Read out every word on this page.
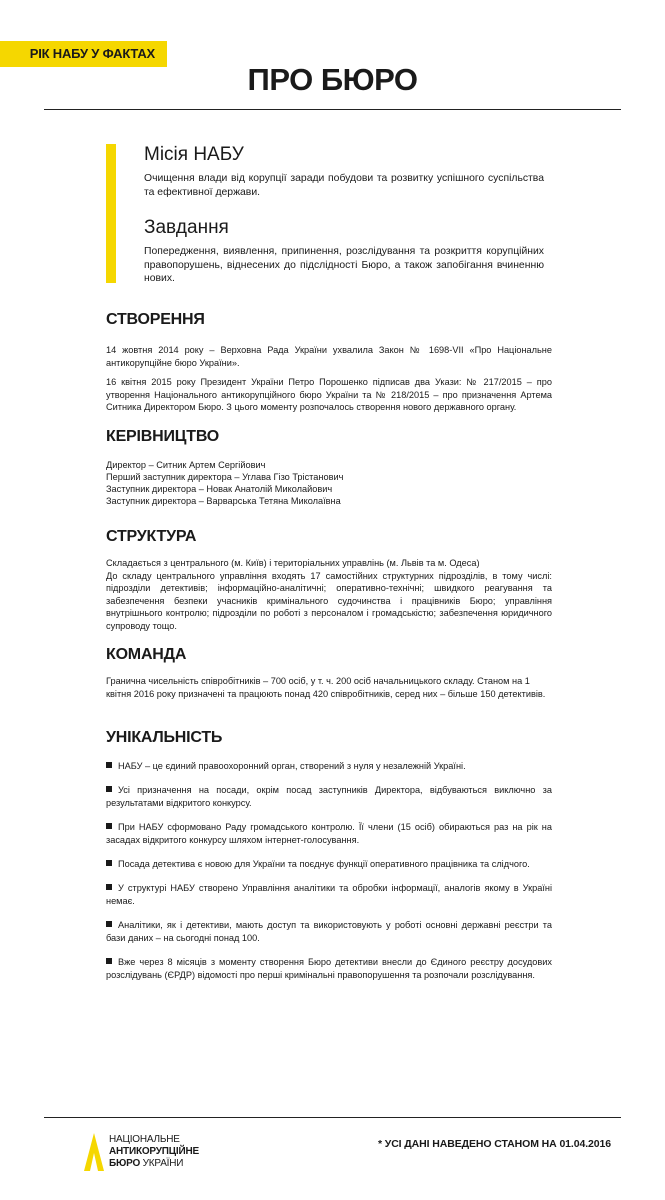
РІК НАБУ У ФАКТАХ
ПРО БЮРО

Місія НАБУ

Очищення влади від корупції заради побудови та розвитку успішного суспільства та ефективної держави.

Завдання

Попередження, виявлення, припинення, розслідування та розкриття корупційних правопорушень, віднесених до підслідності Бюро, а також запобігання вчиненню нових.

СТВОРЕННЯ

14 жовтня 2014 року – Верховна Рада України ухвалила Закон № 1698-VII «Про Національне антикорупційне бюро України».

16 квітня 2015 року Президент України Петро Порошенко підписав два Укази: № 217/2015 – про утворення Національного антикорупційного бюро України та № 218/2015 – про призначення Артема Ситника Директором Бюро. З цього моменту розпочалось створення нового державного органу.

КЕРІВНИЦТВО

Директор – Ситник Артем Сергійович

Перший заступник директора – Углава Гізо Трістанович

Заступник директора – Новак Анатолій Миколайович

Заступник директора – Варварська Тетяна Миколаївна

СТРУКТУРА

Складається з центрального (м. Київ) і територіальних управлінь (м. Львів та м. Одеса)

До складу центрального управління входять 17 самостійних структурних підрозділів, в тому числі: підрозділи детективів; інформаційно-аналітичні; оперативно-технічні; швидкого реагування та забезпечення безпеки учасників кримінального судочинства і працівників Бюро; управління внутрішнього контролю; підрозділи по роботі з персоналом і громадськістю; забезпечення юридичного супроводу тощо.

КОМАНДА

Гранична чисельність співробітників – 700 осіб, у т. ч. 200 осіб начальницького складу. Станом на 1 квітня 2016 року призначені та працюють понад 420 співробітників, серед них – більше 150 детективів.

УНІКАЛЬНІСТЬ

НАБУ – це єдиний правоохоронний орган, створений з нуля у незалежній Україні.

Усі призначення на посади, окрім посад заступників Директора, відбуваються виключно за результатами відкритого конкурсу.

При НАБУ сформовано Раду громадського контролю. Її члени (15 осіб) обираються раз на рік на засадах відкритого конкурсу шляхом інтернет-голосування.

Посада детектива є новою для України та поєднує функції оперативного працівника та слідчого.

У структурі НАБУ створено Управління аналітики та обробки інформації, аналогів якому в Україні немає.

Аналітики, як і детективи, мають доступ та використовують у роботі основні державні реєстри та бази даних – на сьогодні понад 100.

Вже через 8 місяців з моменту створення Бюро детективи внесли до Єдиного реєстру досудових розслідувань (ЄРДР) відомості про перші кримінальні правопорушення та розпочали розслідування.

НАЦІОНАЛЬНЕ
АНТИКОРУПЦІЙНЕ
БЮРО УКРАЇНИ
* УСІ ДАНІ НАВЕДЕНО СТАНОМ НА 01.04.2016
